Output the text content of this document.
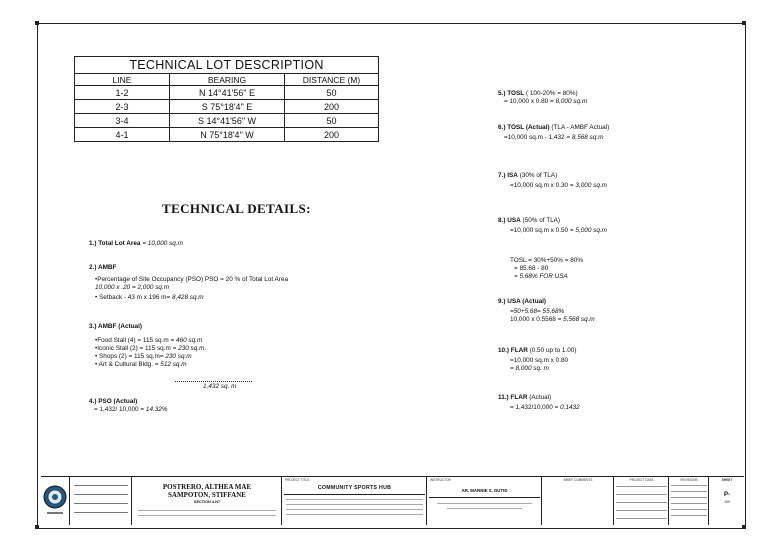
TECHNICAL LOT DESCRIPTION		
LINE	BEARING	DISTANCE (M)
1-2	N 14°41'56" E	50
2-3	S 75°18'4" E	200
3-4	S 14°41'56" W	50
4-1	N 75°18'4" W	200
TECHNICAL DETAILS:
1.) Total Lot Area = 10,000 sq.m
2.) AMBF
•Percentage of Site Occupancy (PSO) PSO = 20 % of Total Lot Area
10,000 x .20 = 2,000 sq.m
• Setback - 43 m x 196 m= 8,428 sq.m
3.) AMBF (Actual)
•Food Stall (4) = 115 sq.m = 460 sq.m
•Iconic Stall (2) = 115 sq.m = 230 sq.m.
• Shops (2) = 115 sq.m= 230 sq.m
• Art & Cultural Bldg. = 512 sq.m
1,432 sq. m
4.) PSO (Actual)
= 1,432/ 10,000 = 14.32%
5.) TOSL ( 100-20% = 80%)
= 10,000 x 0.80 = 8,000 sq.m
6.) TOSL (Actual) (TLA - AMBF Actual)
=10,000 sq.m - 1,432 = 8,568 sq.m
7.) ISA (30% of TLA)
=10,000 sq.m x 0.30 = 3,000 sq.m
8.) USA (50% of TLA)
=10,000 sq.m x 0.50 = 5,000 sq.m
TOSL = 30%+50% = 80%
= 85.68 - 80
= 5.68% FOR USA
9.) USA (Actual)
=50+5.68= 55.68%
10,000 x 0.5568 = 5,568 sq.m
10.) FLAR (0.50 up to 1.00)
=10,000 sq.m x 0.80
= 8,000 sq. m
11.) FLAR (Actual)
= 1,432/10,000 = 0.1432
POSTRERO, ALTHEA MAE
SAMPOTON, STIFFANE
SECTION 4-N7
PROJECT TITLE:
COMMUNITY SPORTS HUB
INSTRUCTOR
AR. MARNIE S. DUTID
BRIEF COMMENTS	PROJECT DATA	REVISIONS	SHEET
P-
100
